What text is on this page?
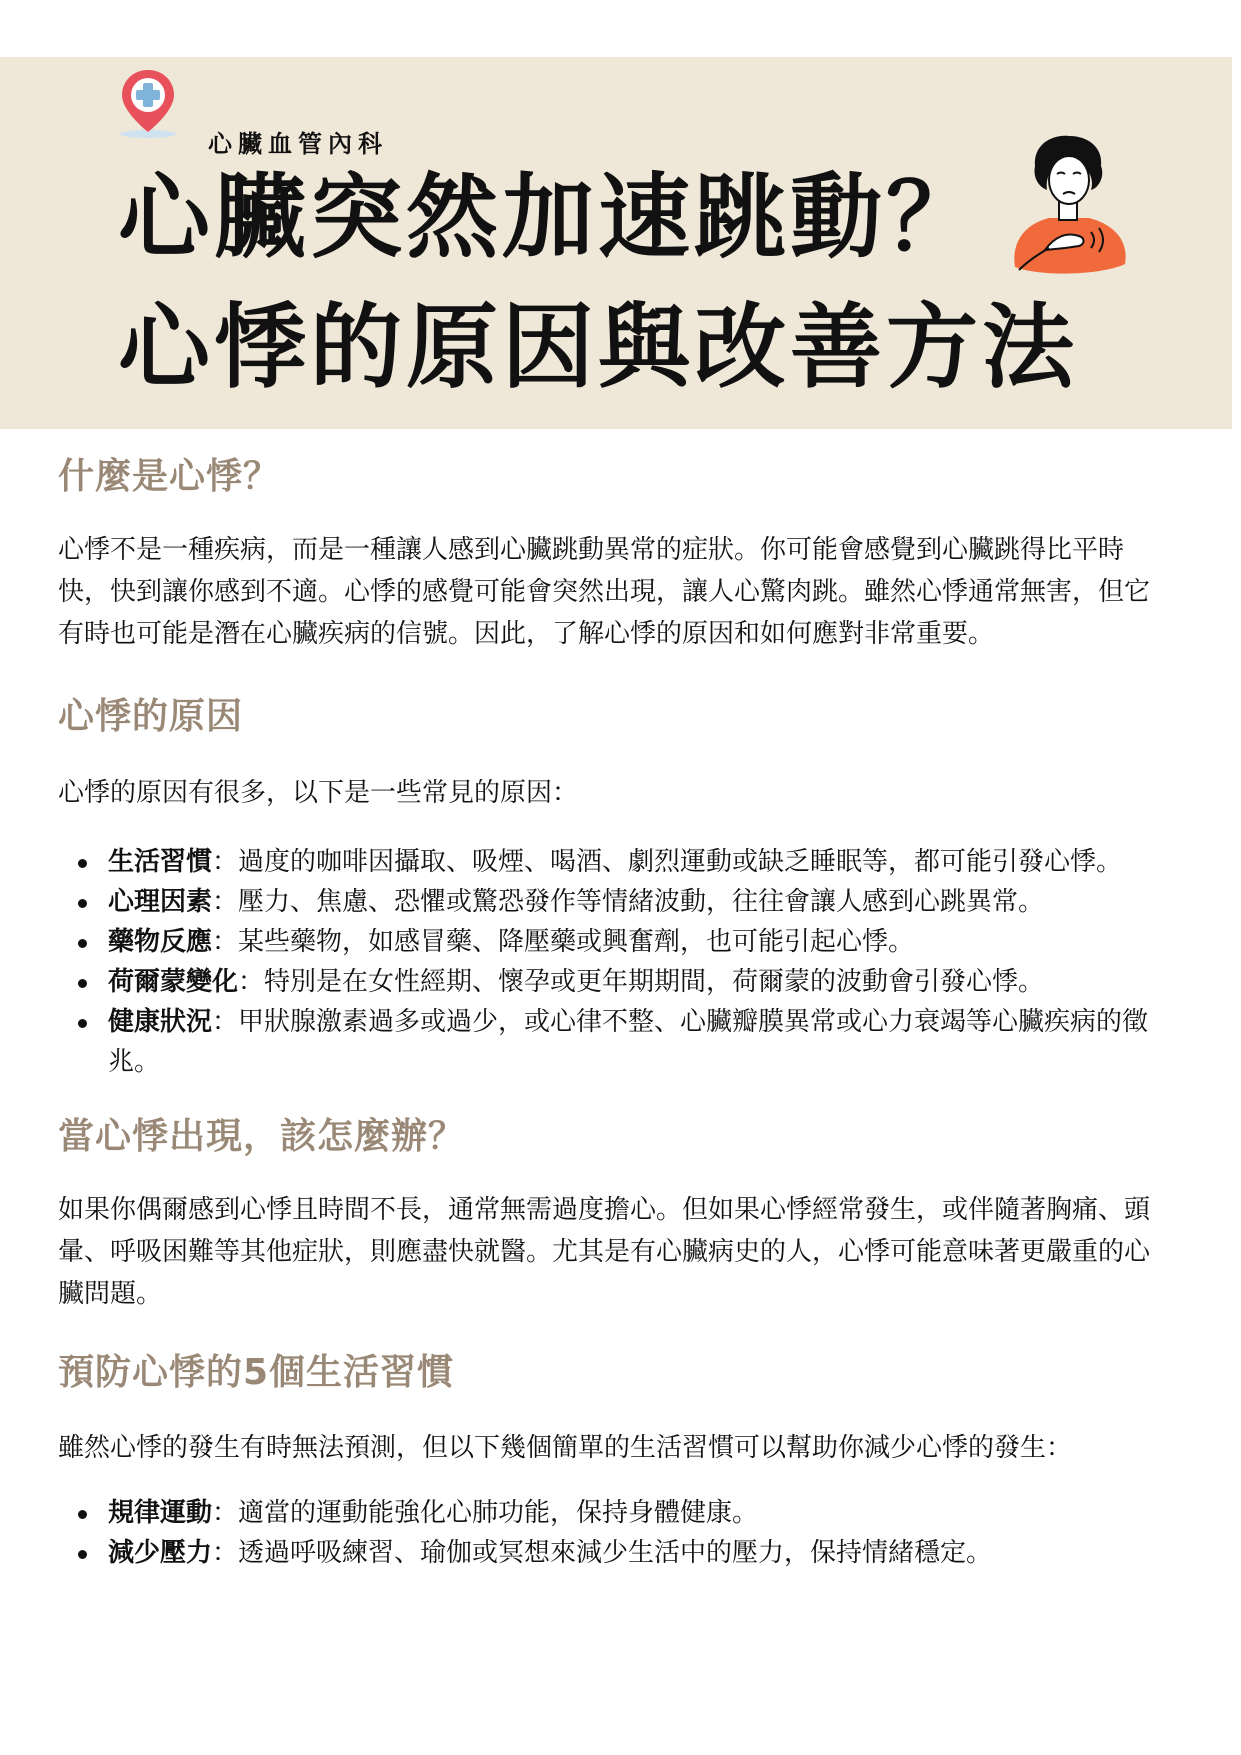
心臟血管內科
心臟突然加速跳動？
心悸的原因與改善方法
什麼是心悸？

心悸不是一種疾病，而是一種讓人感到心臟跳動異常的症狀。你可能會感覺到心臟跳得比平時快，快到讓你感到不適。心悸的感覺可能會突然出現，讓人心驚肉跳。雖然心悸通常無害，但它有時也可能是潛在心臟疾病的信號。因此，了解心悸的原因和如何應對非常重要。

心悸的原因

心悸的原因有很多，以下是一些常見的原因：

生活習慣：過度的咖啡因攝取、吸煙、喝酒、劇烈運動或缺乏睡眠等，都可能引發心悸。
心理因素：壓力、焦慮、恐懼或驚恐發作等情緒波動，往往會讓人感到心跳異常。
藥物反應：某些藥物，如感冒藥、降壓藥或興奮劑，也可能引起心悸。
荷爾蒙變化：特別是在女性經期、懷孕或更年期期間，荷爾蒙的波動會引發心悸。
健康狀況：甲狀腺激素過多或過少，或心律不整、心臟瓣膜異常或心力衰竭等心臟疾病的徵兆。
當心悸出現，該怎麼辦？

如果你偶爾感到心悸且時間不長，通常無需過度擔心。但如果心悸經常發生，或伴隨著胸痛、頭暈、呼吸困難等其他症狀，則應盡快就醫。尤其是有心臟病史的人，心悸可能意味著更嚴重的心臟問題。

預防心悸的5個生活習慣

雖然心悸的發生有時無法預測，但以下幾個簡單的生活習慣可以幫助你減少心悸的發生：

規律運動：適當的運動能強化心肺功能，保持身體健康。
減少壓力：透過呼吸練習、瑜伽或冥想來減少生活中的壓力，保持情緒穩定。
